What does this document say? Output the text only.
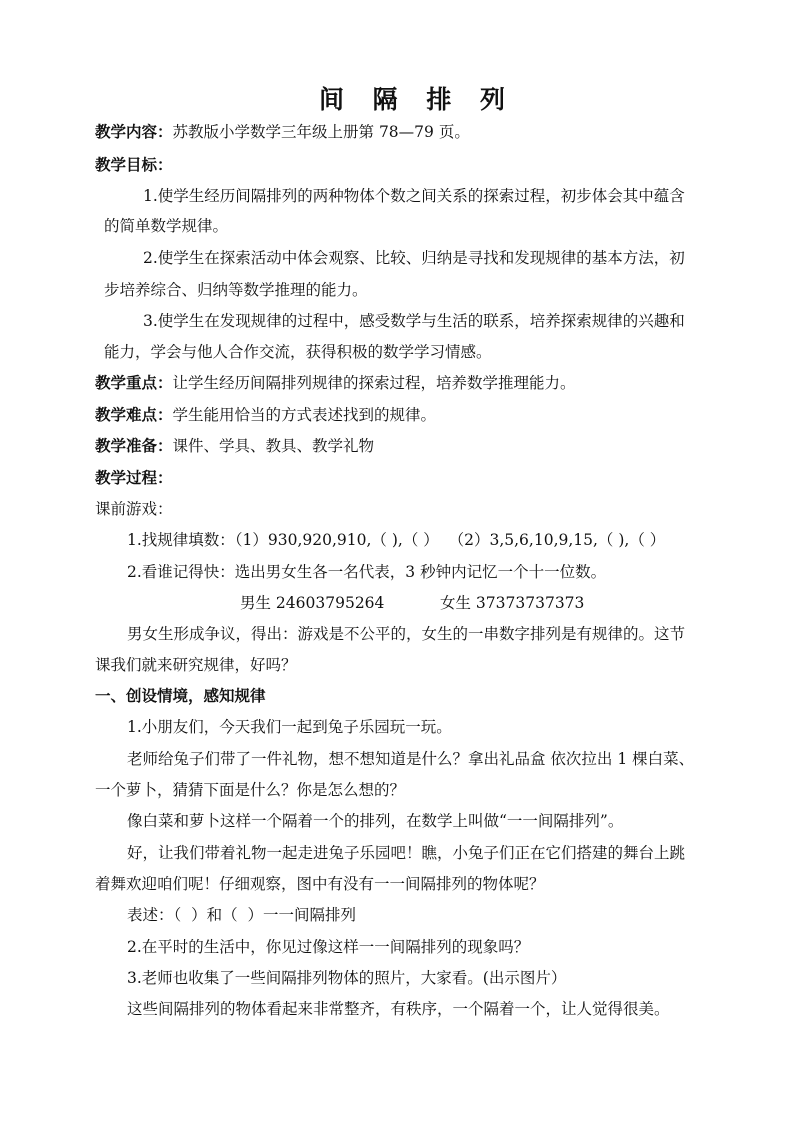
间 隔 排 列
教学内容：苏教版小学数学三年级上册第 78—79 页。
教学目标：
1.使学生经历间隔排列的两种物体个数之间关系的探索过程，初步体会其中蕴含
的简单数学规律。
2.使学生在探索活动中体会观察、比较、归纳是寻找和发现规律的基本方法，初
步培养综合、归纳等数学推理的能力。
3.使学生在发现规律的过程中，感受数学与生活的联系，培养探索规律的兴趣和
能力，学会与他人合作交流，获得积极的数学学习情感。
教学重点：让学生经历间隔排列规律的探索过程，培养数学推理能力。
教学难点：学生能用恰当的方式表述找到的规律。
教学准备：课件、学具、教具、教学礼物
教学过程：
课前游戏：
1.找规律填数：（1）930,920,910,（ ),（ ）  （2）3,5,6,10,9,15,（ ),（ ）
2.看谁记得快：选出男女生各一名代表，3 秒钟内记忆一个十一位数。
男生 24603795264	女生 37373737373
男女生形成争议，得出：游戏是不公平的，女生的一串数字排列是有规律的。这节
课我们就来研究规律，好吗？
一、创设情境，感知规律
1.小朋友们，今天我们一起到兔子乐园玩一玩。
老师给兔子们带了一件礼物，想不想知道是什么？拿出礼品盒 依次拉出 1 棵白菜、
一个萝卜，猜猜下面是什么？你是怎么想的？
像白菜和萝卜这样一个隔着一个的排列，在数学上叫做“一一间隔排列”。
好，让我们带着礼物一起走进兔子乐园吧！瞧，小兔子们正在它们搭建的舞台上跳
着舞欢迎咱们呢！仔细观察，图中有没有一一间隔排列的物体呢？
表述：（  ）和（  ）一一间隔排列
2.在平时的生活中，你见过像这样一一间隔排列的现象吗？
3.老师也收集了一些间隔排列物体的照片，大家看。(出示图片）
这些间隔排列的物体看起来非常整齐，有秩序，一个隔着一个，让人觉得很美。
